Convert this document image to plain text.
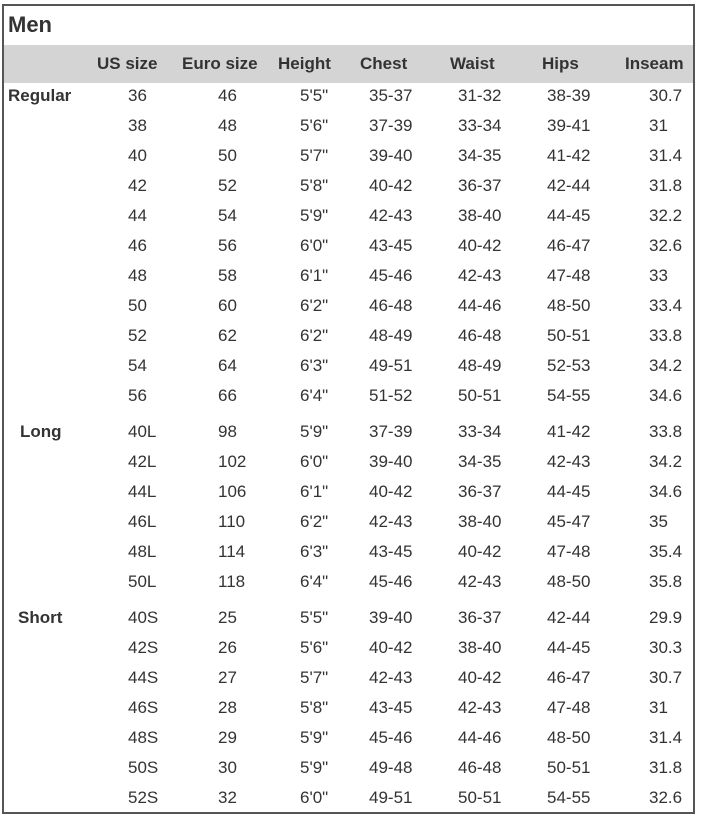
Men
US size Euro size Height Chest	Waist	Hips	Inseam
Regular	36	46	5'5" 35-37	31-32	38-39	30.7
38	48	5'6" 37-39	33-34	39-41	31
40	50	5'7" 39-40	34-35	41-42	31.4
42	52	5'8" 40-42	36-37	42-44	31.8
44	54	5'9" 42-43	38-40	44-45	32.2
46	56	6'0" 43-45	40-42	46-47	32.6
48	58	6'1" 45-46	42-43	47-48	33
50	60	6'2" 46-48	44-46	48-50	33.4
52	62	6'2" 48-49	46-48	50-51	33.8
54	64	6'3" 49-51	48-49	52-53	34.2
56	66	6'4" 51-52	50-51	54-55	34.6
Long	40L	98	5'9" 37-39	33-34	41-42	33.8
42L	102	6'0" 39-40	34-35	42-43	34.2
44L	106	6'1" 40-42	36-37	44-45	34.6
46L	110	6'2" 42-43	38-40	45-47	35
48L	114	6'3" 43-45	40-42	47-48	35.4
50L	118	6'4" 45-46	42-43	48-50	35.8
Short	40S	25	5'5" 39-40	36-37	42-44	29.9
42S	26	5'6" 40-42	38-40	44-45	30.3
44S	27	5'7" 42-43	40-42	46-47	30.7
46S	28	5'8" 43-45	42-43	47-48	31
48S	29	5'9" 45-46	44-46	48-50	31.4
50S	30	5'9" 49-48	46-48	50-51	31.8
52S	32	6'0" 49-51	50-51	54-55	32.6
